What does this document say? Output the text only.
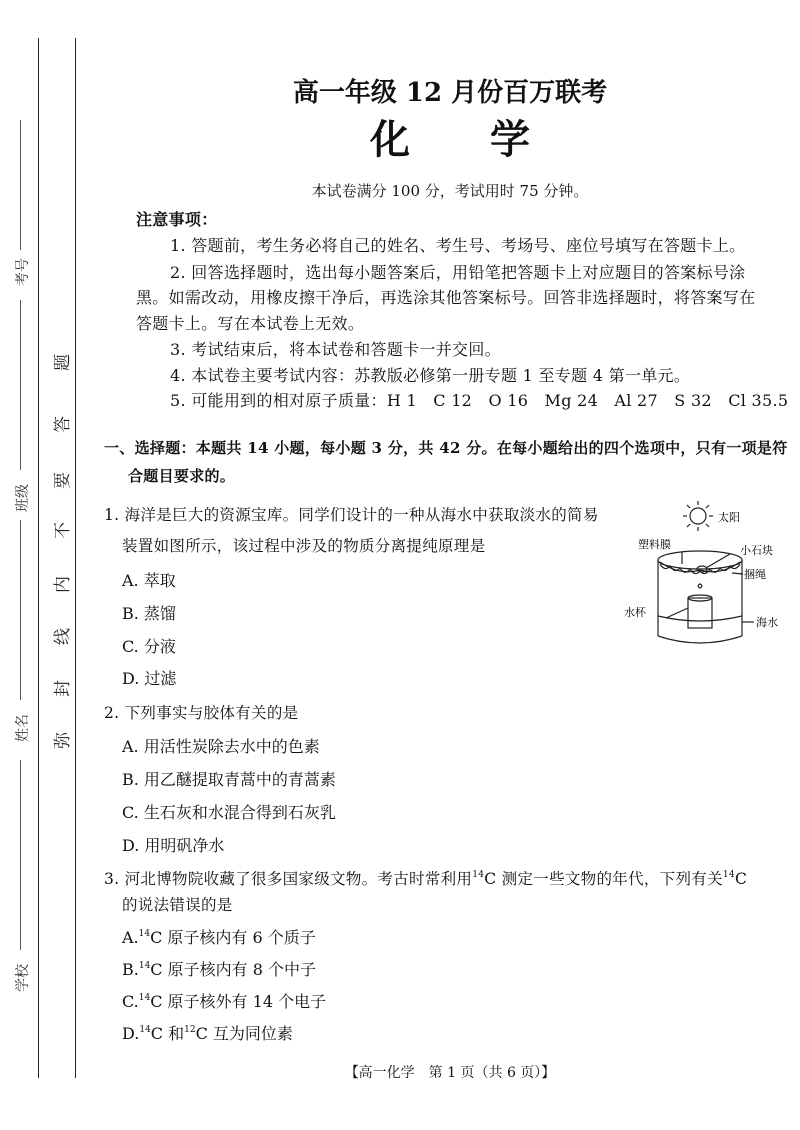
考号
班级
姓名
学校
题
答
要
不
内
线
封
弥
高一年级 12 月份百万联考
化　　学
本试卷满分 100 分，考试用时 75 分钟。
注意事项：
1. 答题前，考生务必将自己的姓名、考生号、考场号、座位号填写在答题卡上。
2. 回答选择题时，选出每小题答案后，用铅笔把答题卡上对应题目的答案标号涂
黑。如需改动，用橡皮擦干净后，再选涂其他答案标号。回答非选择题时，将答案写在
答题卡上。写在本试卷上无效。
3. 考试结束后，将本试卷和答题卡一并交回。
4. 本试卷主要考试内容：苏教版必修第一册专题 1 至专题 4 第一单元。
5. 可能用到的相对原子质量：H 1　C 12　O 16　Mg 24　Al 27　S 32　Cl 35.5
一、选择题：本题共 14 小题，每小题 3 分，共 42 分。在每小题给出的四个选项中，只有一项是符
合题目要求的。
1. 海洋是巨大的资源宝库。同学们设计的一种从海水中获取淡水的简易
装置如图所示，该过程中涉及的物质分离提纯原理是
A. 萃取
B. 蒸馏
C. 分液
D. 过滤
太阳
塑料膜	小石块
捆绳
水杯
海水
2. 下列事实与胶体有关的是
A. 用活性炭除去水中的色素
B. 用乙醚提取青蒿中的青蒿素
C. 生石灰和水混合得到石灰乳
D. 用明矾净水
3. 河北博物院收藏了很多国家级文物。考古时常利用$^{14}$C 测定一些文物的年代，下列有关$^{14}$C
的说法错误的是
A.$^{14}$C 原子核内有 6 个质子
B.$^{14}$C 原子核内有 8 个中子
C.$^{14}$C 原子核外有 14 个电子
D.$^{14}$C 和$^{12}$C 互为同位素
【高一化学　第 1 页（共 6 页）】
